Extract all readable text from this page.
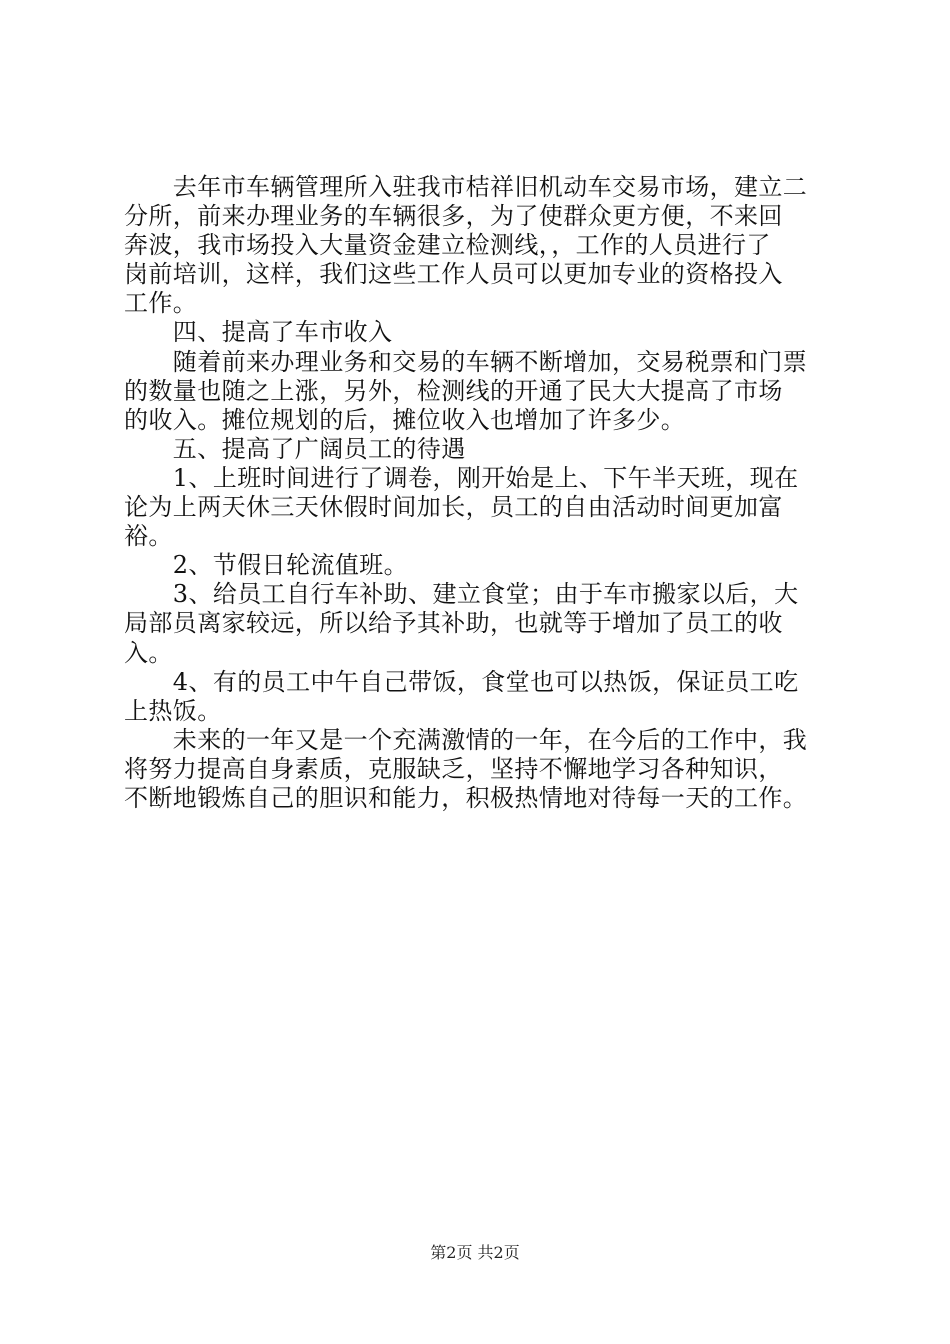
　　去年市车辆管理所入驻我市桔祥旧机动车交易市场，建立二
分所，前来办理业务的车辆很多，为了使群众更方便，不来回
奔波，我市场投入大量资金建立检测线，，工作的人员进行了
岗前培训，这样，我们这些工作人员可以更加专业的资格投入
工作。
　　四、提高了车市收入
　　随着前来办理业务和交易的车辆不断增加，交易税票和门票
的数量也随之上涨，另外，检测线的开通了民大大提高了市场
的收入。摊位规划的后，摊位收入也增加了许多少。
　　五、提高了广阔员工的待遇
　　1、上班时间进行了调卷，刚开始是上、下午半天班，现在
论为上两天休三天休假时间加长，员工的自由活动时间更加富
裕。
　　2、节假日轮流值班。
　　3、给员工自行车补助、建立食堂；由于车市搬家以后，大
局部员离家较远，所以给予其补助，也就等于增加了员工的收
入。
　　4、有的员工中午自己带饭，食堂也可以热饭，保证员工吃
上热饭。
　　未来的一年又是一个充满激情的一年，在今后的工作中，我
将努力提高自身素质，克服缺乏，坚持不懈地学习各种知识，
不断地锻炼自己的胆识和能力，积极热情地对待每一天的工作。
第2页 共2页
